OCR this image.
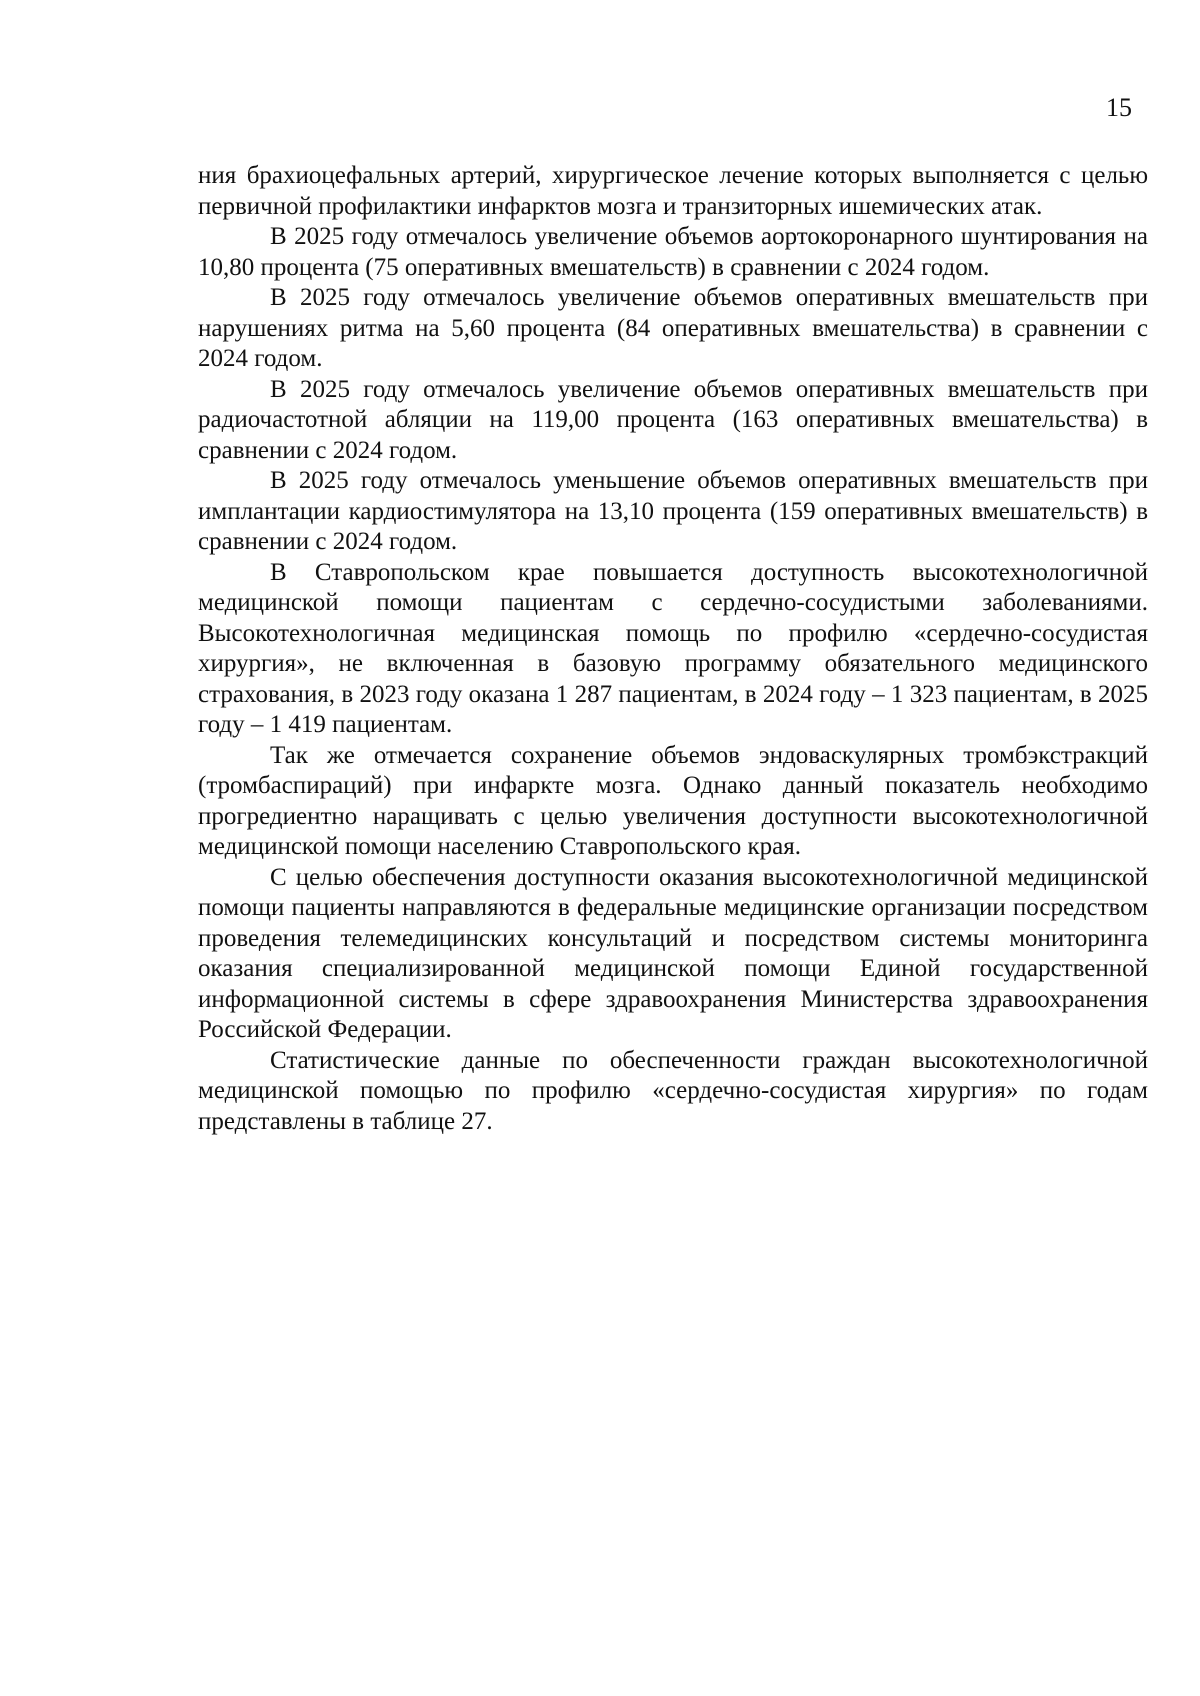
15

ния брахиоцефальных артерий, хирургическое лечение которых выполняется с целью первичной профилактики инфарктов мозга и транзиторных ишемических атак.

В 2025 году отмечалось увеличение объемов аортокоронарного шунтирования на 10,80 процента (75 оперативных вмешательств) в сравнении с 2024 годом.

В 2025 году отмечалось увеличение объемов оперативных вмешательств при нарушениях ритма на 5,60 процента (84 оперативных вмешательства) в сравнении с 2024 годом.

В 2025 году отмечалось увеличение объемов оперативных вмешательств при радиочастотной абляции на 119,00 процента (163 оперативных вмешательства) в сравнении с 2024 годом.

В 2025 году отмечалось уменьшение объемов оперативных вмешательств при имплантации кардиостимулятора на 13,10 процента (159 оперативных вмешательств) в сравнении с 2024 годом.

В Ставропольском крае повышается доступность высокотехнологичной медицинской помощи пациентам с сердечно-сосудистыми заболеваниями. Высокотехнологичная медицинская помощь по профилю «сердечно-сосудистая хирургия», не включенная в базовую программу обязательного медицинского страхования, в 2023 году оказана 1 287 пациентам, в 2024 году – 1 323 пациентам, в 2025 году – 1 419 пациентам.

Так же отмечается сохранение объемов эндоваскулярных тромбэкстракций (тромбаспираций) при инфаркте мозга. Однако данный показатель необходимо прогредиентно наращивать с целью увеличения доступности высокотехнологичной медицинской помощи населению Ставропольского края.

С целью обеспечения доступности оказания высокотехнологичной медицинской помощи пациенты направляются в федеральные медицинские организации посредством проведения телемедицинских консультаций и посредством системы мониторинга оказания специализированной медицинской помощи Единой государственной информационной системы в сфере здравоохранения Министерства здравоохранения Российской Федерации.

Статистические данные по обеспеченности граждан высокотехнологичной медицинской помощью по профилю «сердечно-сосудистая хирургия» по годам представлены в таблице 27.
